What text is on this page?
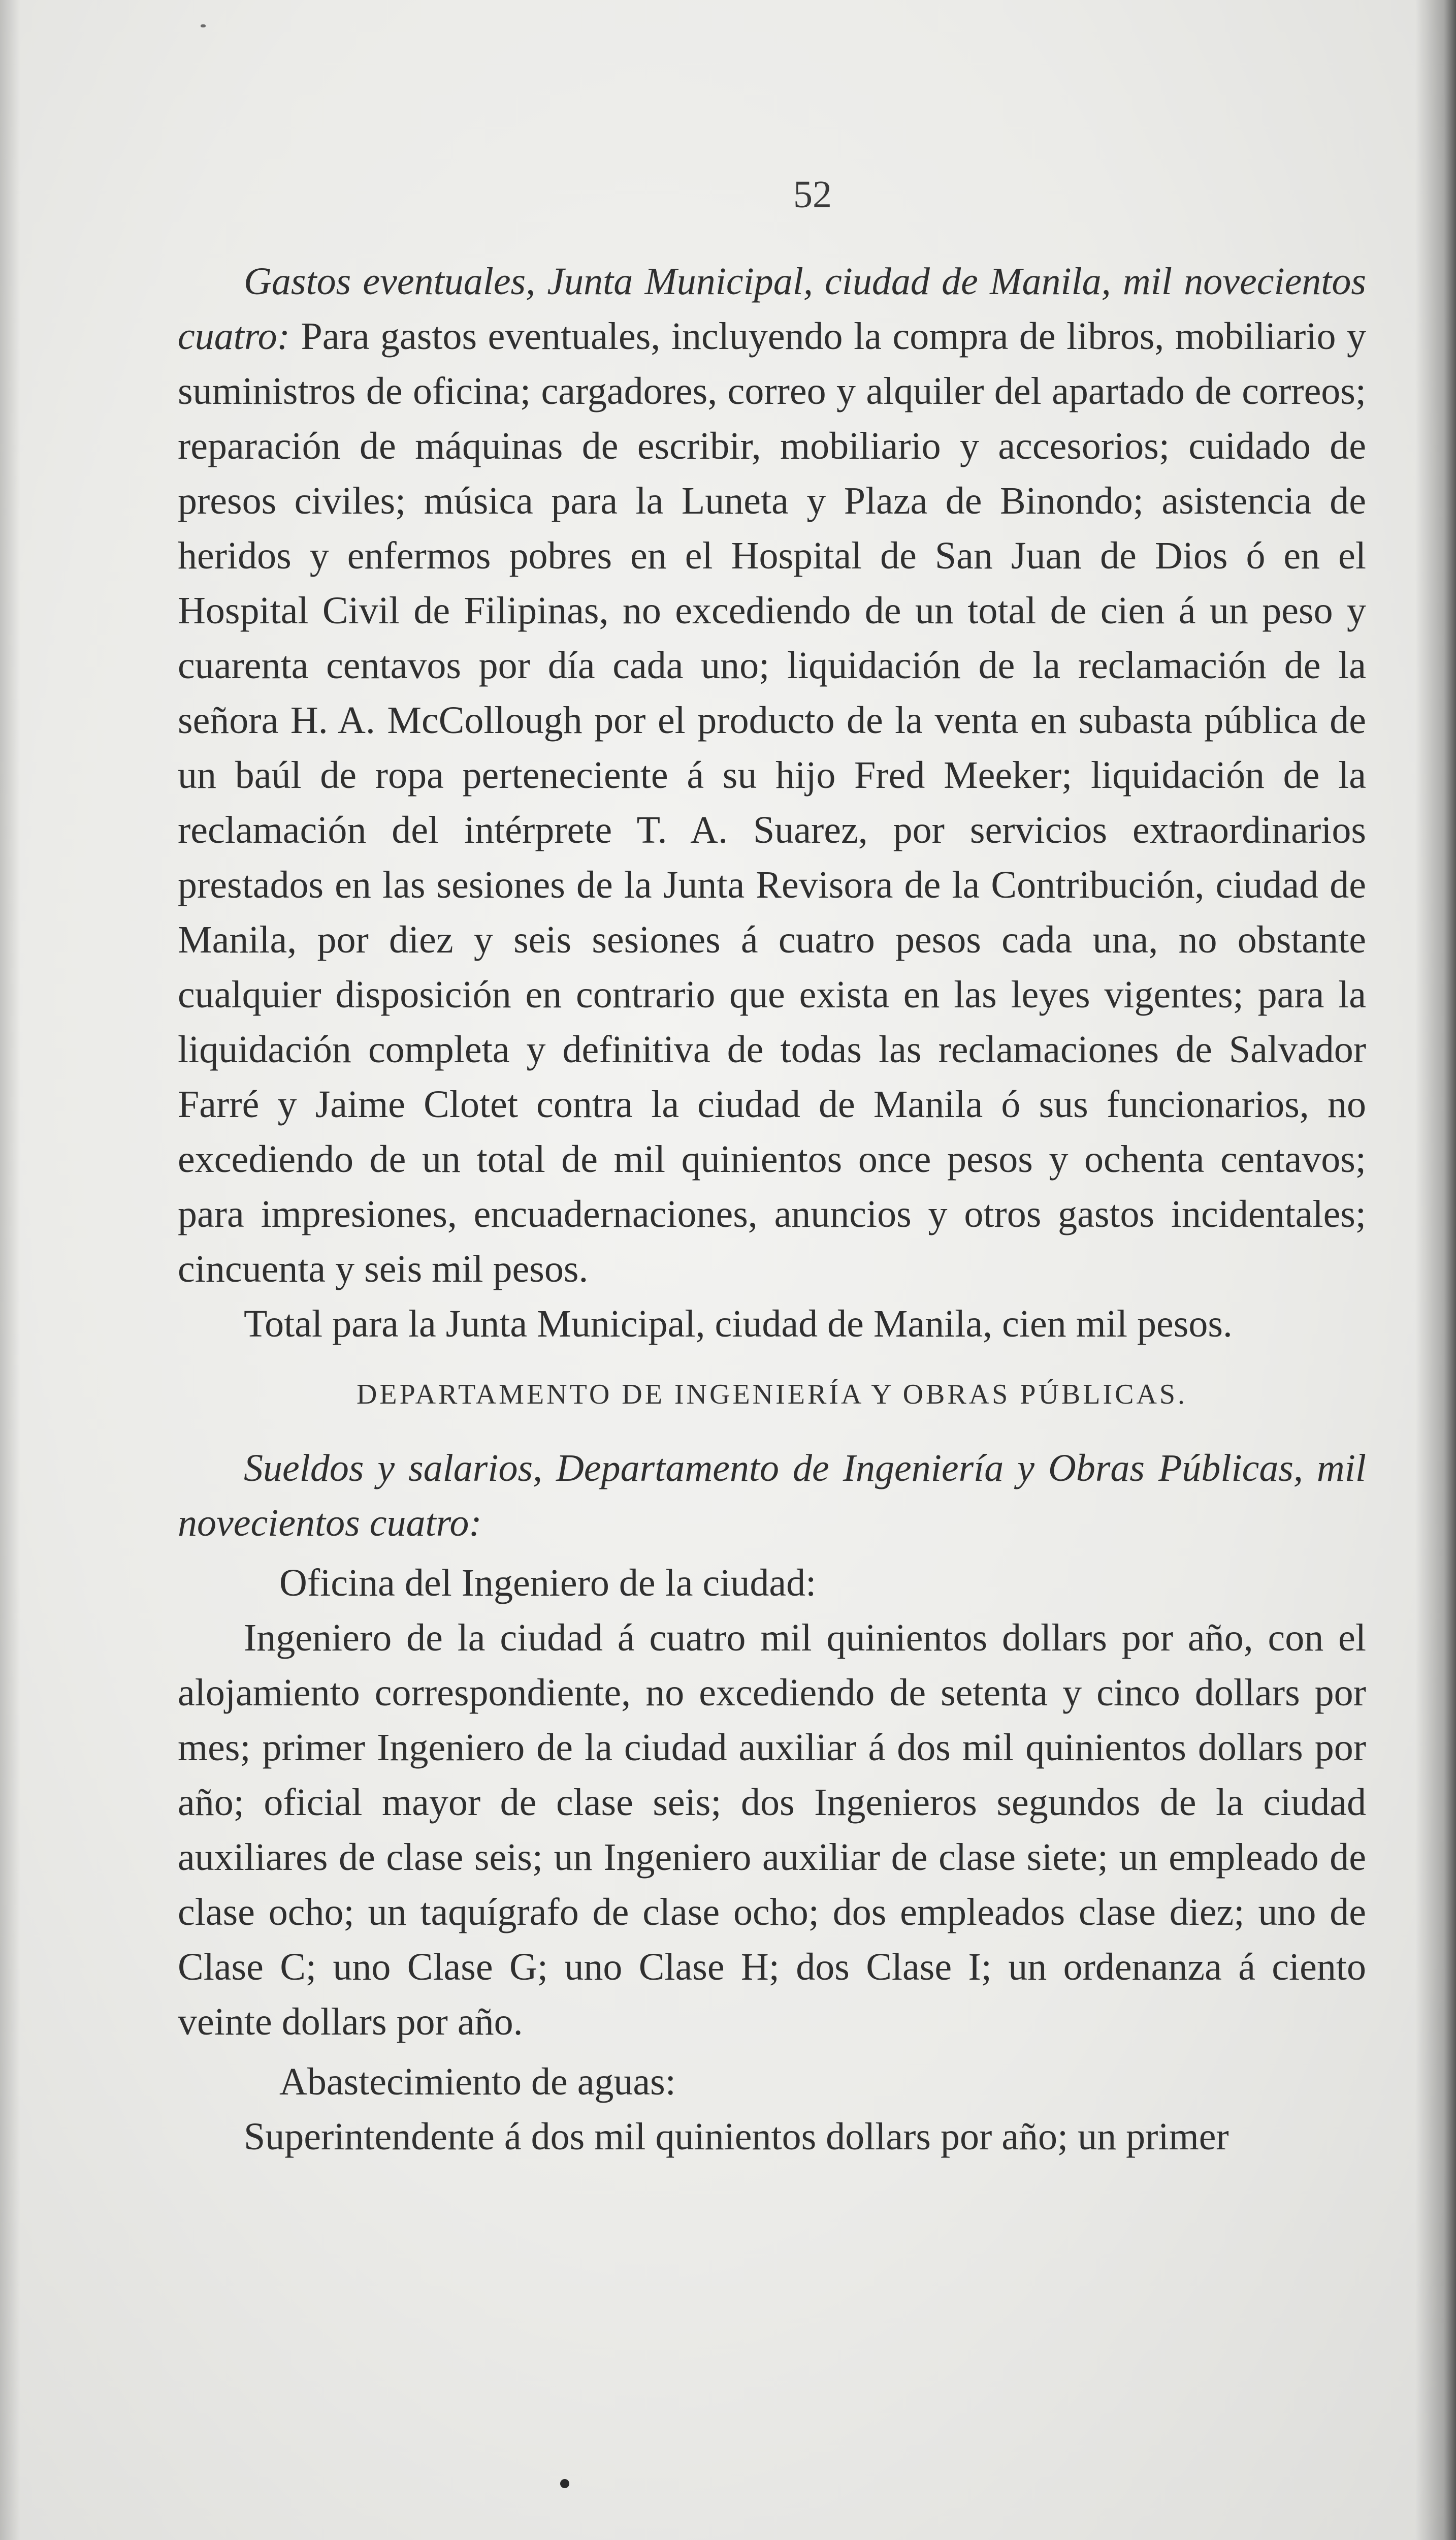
52

Gastos eventuales, Junta Municipal, ciudad de Manila, mil novecientos cuatro: Para gastos eventuales, incluyendo la compra de libros, mobiliario y suministros de oficina; cargadores, correo y alquiler del apartado de correos; reparación de máquinas de escribir, mobiliario y accesorios; cuidado de presos civiles; música para la Luneta y Plaza de Binondo; asistencia de heridos y enfermos pobres en el Hospital de San Juan de Dios ó en el Hospital Civil de Filipinas, no excediendo de un total de cien á un peso y cuarenta centavos por día cada uno; liquidación de la reclamación de la señora H. A. McCollough por el producto de la venta en subasta pública de un baúl de ropa perteneciente á su hijo Fred Meeker; liquidación de la reclamación del intérprete T. A. Suarez, por servicios extraordinarios prestados en las sesiones de la Junta Revisora de la Contribución, ciudad de Manila, por diez y seis sesiones á cuatro pesos cada una, no obstante cualquier disposición en contrario que exista en las leyes vigentes; para la liquidación completa y definitiva de todas las reclamaciones de Salvador Farré y Jaime Clotet contra la ciudad de Manila ó sus funcionarios, no excediendo de un total de mil quinientos once pesos y ochenta centavos; para impresiones, encuadernaciones, anuncios y otros gastos incidentales; cincuenta y seis mil pesos.

Total para la Junta Municipal, ciudad de Manila, cien mil pesos.

DEPARTAMENTO DE INGENIERÍA Y OBRAS PÚBLICAS.

Sueldos y salarios, Departamento de Ingeniería y Obras Públicas, mil novecientos cuatro:

Oficina del Ingeniero de la ciudad:

Ingeniero de la ciudad á cuatro mil quinientos dollars por año, con el alojamiento correspondiente, no excediendo de setenta y cinco dollars por mes; primer Ingeniero de la ciudad auxiliar á dos mil quinientos dollars por año; oficial mayor de clase seis; dos Ingenieros segundos de la ciudad auxiliares de clase seis; un Ingeniero auxiliar de clase siete; un empleado de clase ocho; un taquígrafo de clase ocho; dos empleados clase diez; uno de Clase C; uno Clase G; uno Clase H; dos Clase I; un ordenanza á ciento veinte dollars por año.

Abastecimiento de aguas:

Superintendente á dos mil quinientos dollars por año; un primer
